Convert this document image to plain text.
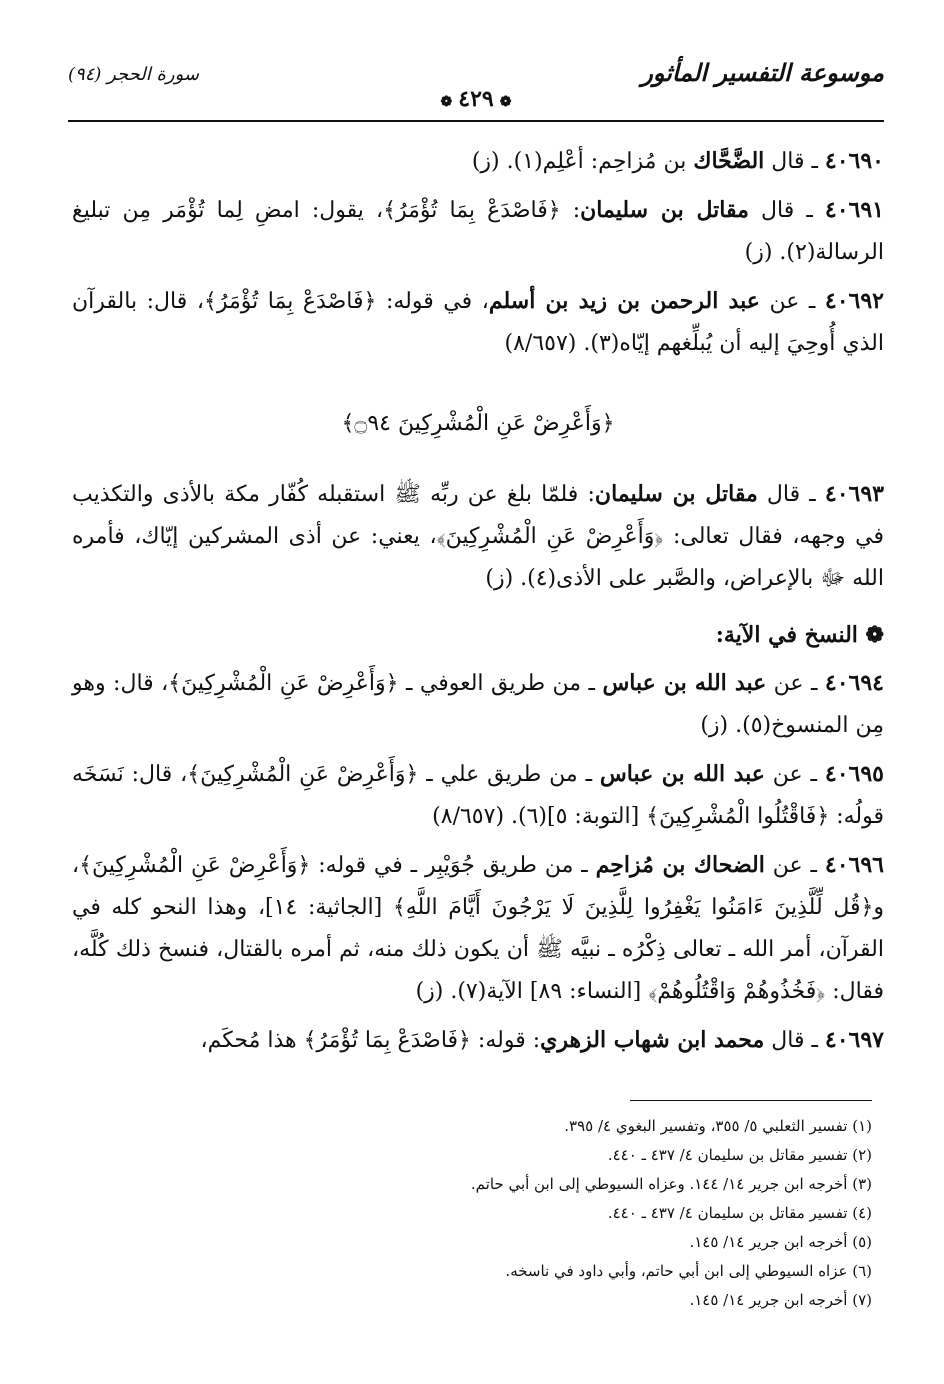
موسوعة التفسير المأثور
❁٤٢٩❁
سورة الحجر (٩٤)

٤٠٦٩٠ ـ قال الضَّحَّاك بن مُزاحِم: أعْلِم(١). (ز)

٤٠٦٩١ ـ قال مقاتل بن سليمان: ﴿فَاصْدَعْ بِمَا تُؤْمَرُ﴾، يقول: امضِ لِما تُؤْمَر مِن تبليغ الرسالة(٢). (ز)

٤٠٦٩٢ ـ عن عبد الرحمن بن زيد بن أسلم، في قوله: ﴿فَاصْدَعْ بِمَا تُؤْمَرُ﴾، قال: بالقرآن الذي أُوحِيَ إليه أن يُبلِّغهم إيّاه(٣). (٨/٦٥٧)

﴿وَأَعْرِضْ عَنِ الْمُشْرِكِينَ ۝٩٤﴾

٤٠٦٩٣ ـ قال مقاتل بن سليمان: فلمّا بلغ عن ربِّه ﷺ استقبله كُفّار مكة بالأذى والتكذيب في وجهه، فقال تعالى: ﴿وَأَعْرِضْ عَنِ الْمُشْرِكِينَ﴾، يعني: عن أذى المشركين إيّاك، فأمره الله ﷻ بالإعراض، والصَّبر على الأذى(٤). (ز)

❁ النسخ في الآية:

٤٠٦٩٤ ـ عن عبد الله بن عباس ـ من طريق العوفي ـ ﴿وَأَعْرِضْ عَنِ الْمُشْرِكِينَ﴾، قال: وهو مِن المنسوخ(٥). (ز)

٤٠٦٩٥ ـ عن عبد الله بن عباس ـ من طريق علي ـ ﴿وَأَعْرِضْ عَنِ الْمُشْرِكِينَ﴾، قال: نَسَخَه قولُه: ﴿فَاقْتُلُوا الْمُشْرِكِينَ﴾ [التوبة: ٥](٦). (٨/٦٥٧)

٤٠٦٩٦ ـ عن الضحاك بن مُزاحِم ـ من طريق جُوَيْبِر ـ في قوله: ﴿وَأَعْرِضْ عَنِ الْمُشْرِكِينَ﴾، و﴿قُل لِّلَّذِينَ ءَامَنُوا يَغْفِرُوا لِلَّذِينَ لَا يَرْجُونَ أَيَّامَ اللَّهِ﴾ [الجاثية: ١٤]، وهذا النحو كله في القرآن، أمر الله ـ تعالى ذِكْرُه ـ نبيَّه ﷺ أن يكون ذلك منه، ثم أمره بالقتال، فنسخ ذلك كُلَّه، فقال: ﴿فَخُذُوهُمْ وَاقْتُلُوهُمْ﴾ [النساء: ٨٩] الآية(٧). (ز)

٤٠٦٩٧ ـ قال محمد ابن شهاب الزهري: قوله: ﴿فَاصْدَعْ بِمَا تُؤْمَرُ﴾ هذا مُحكَم،

(١) تفسير الثعلبي ٥/ ٣٥٥، وتفسير البغوي ٤/ ٣٩٥.

(٢) تفسير مقاتل بن سليمان ٤/ ٤٣٧ ـ ٤٤٠.

(٣) أخرجه ابن جرير ١٤/ ١٤٤. وعزاه السيوطي إلى ابن أبي حاتم.

(٤) تفسير مقاتل بن سليمان ٤/ ٤٣٧ ـ ٤٤٠.

(٥) أخرجه ابن جرير ١٤/ ١٤٥.

(٦) عزاه السيوطي إلى ابن أبي حاتم، وأبي داود في ناسخه.

(٧) أخرجه ابن جرير ١٤/ ١٤٥.
